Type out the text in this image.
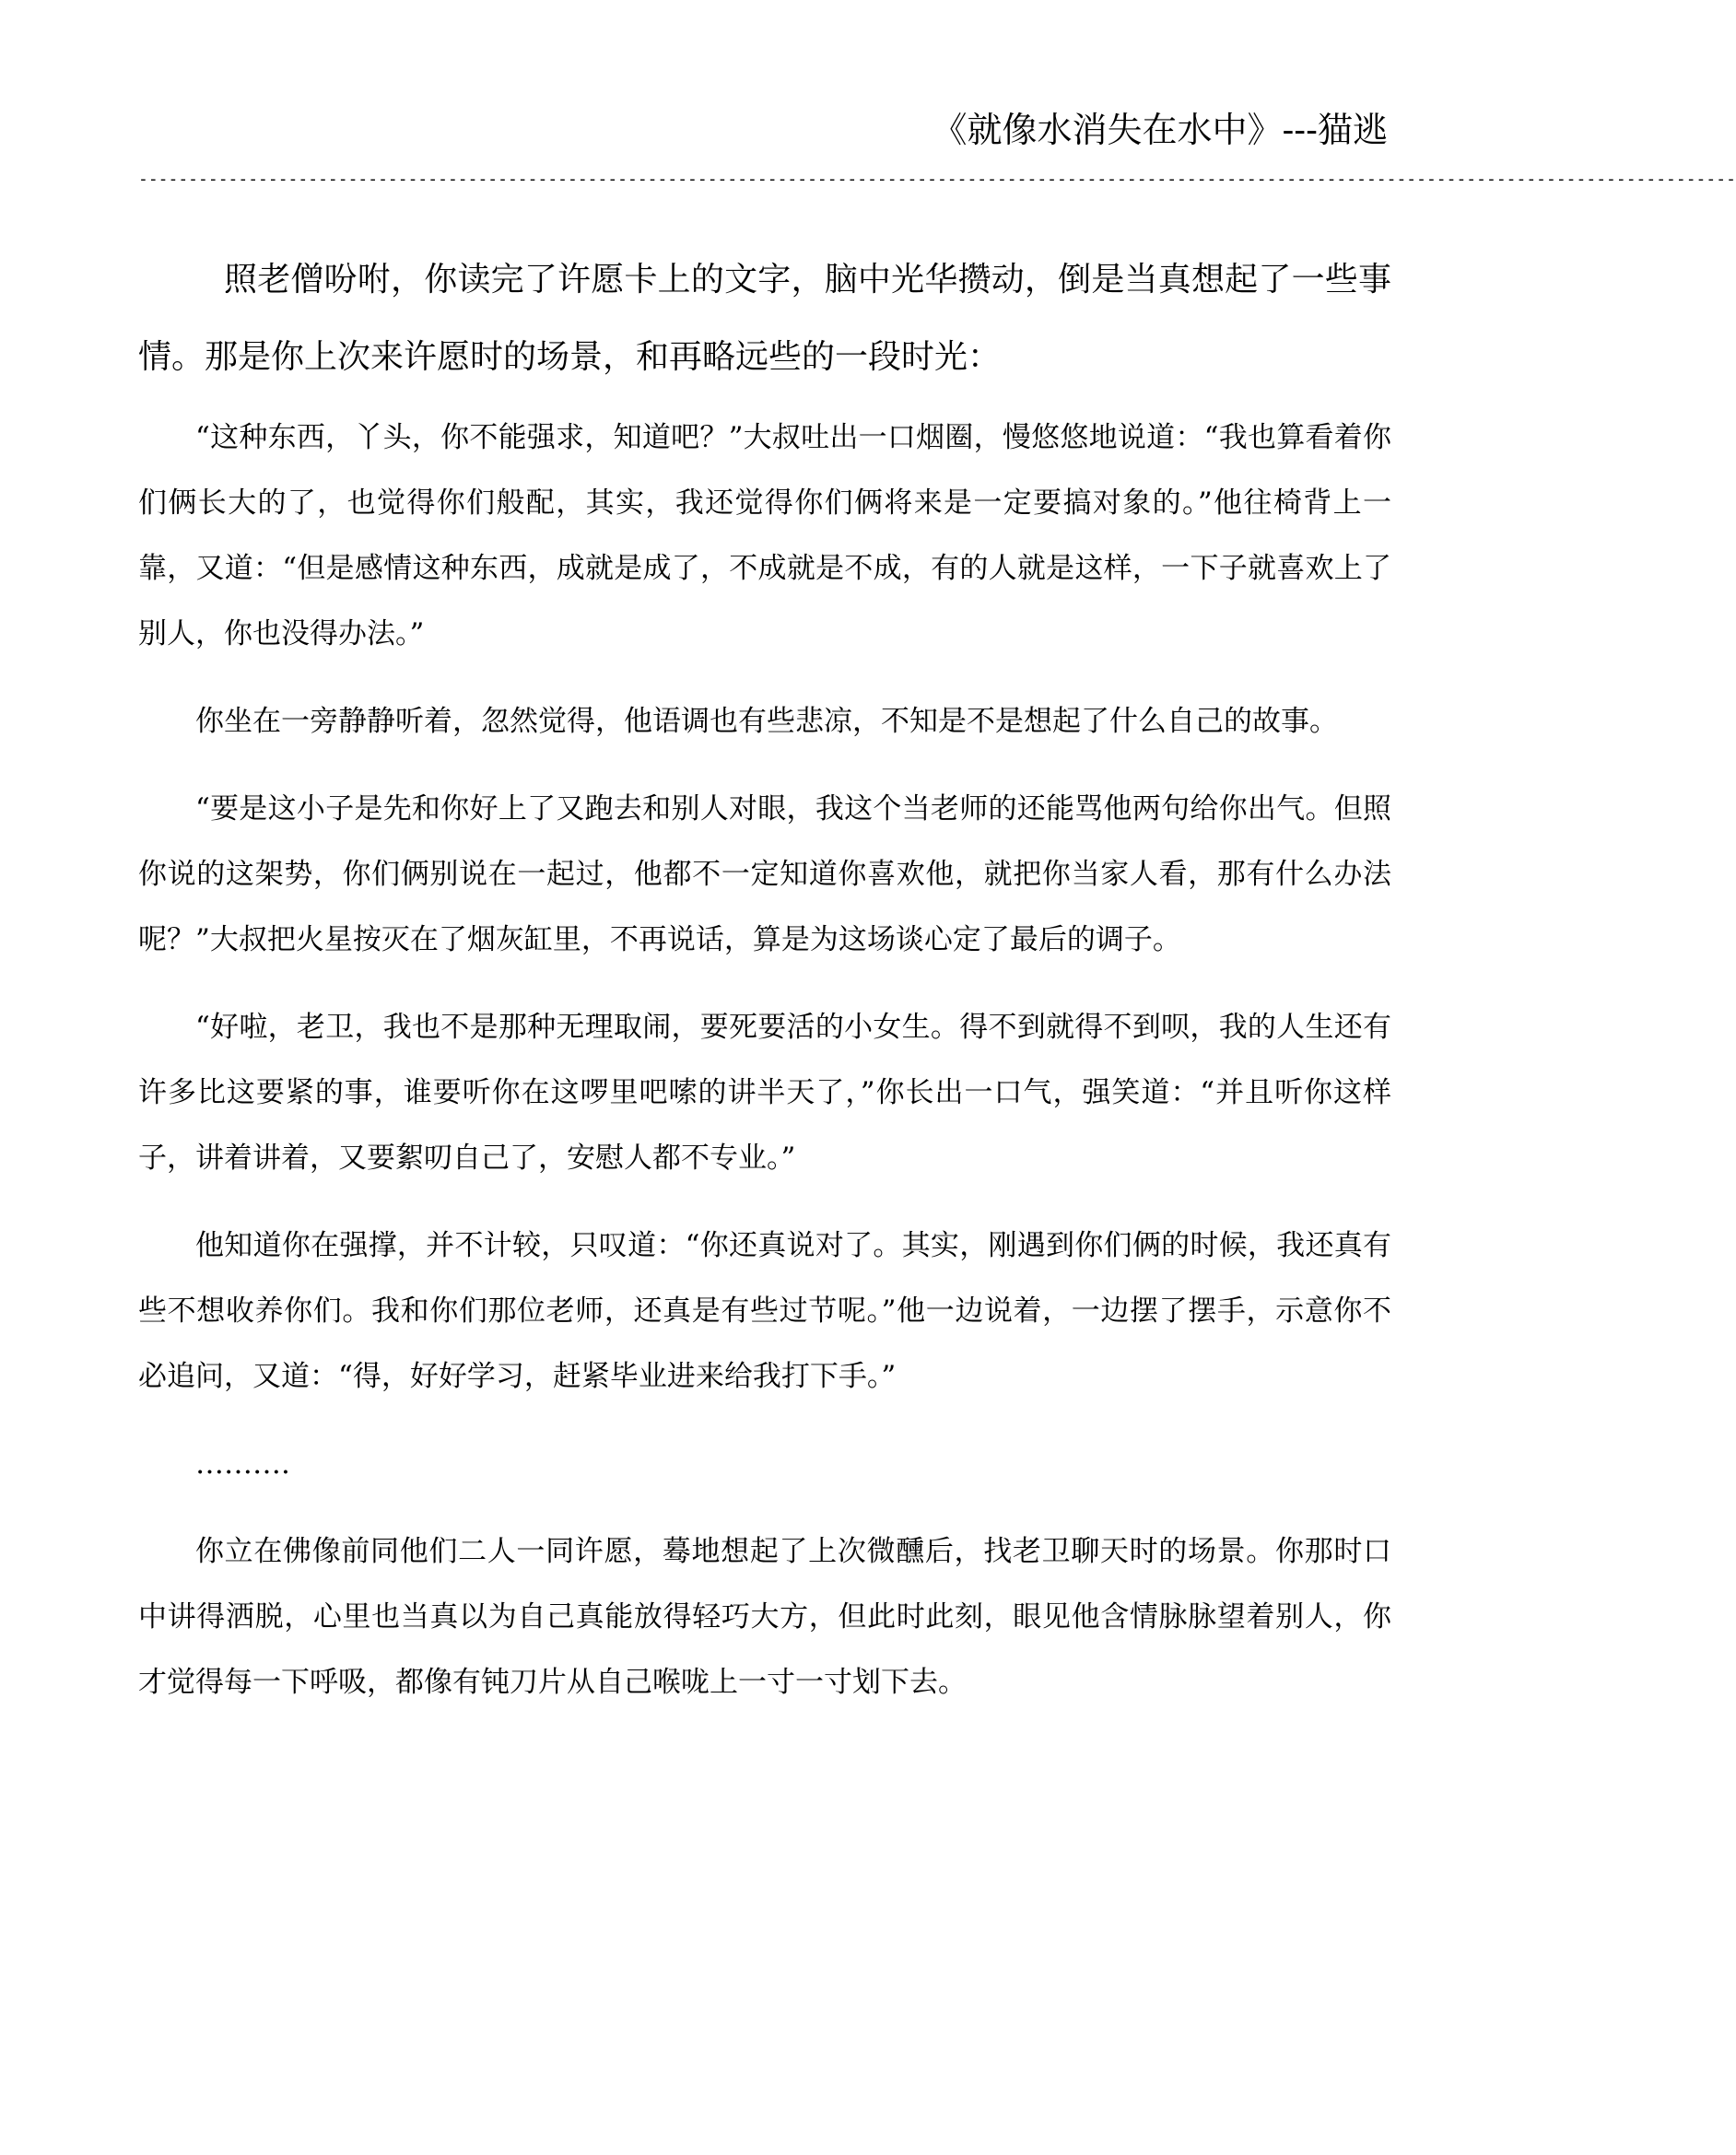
《就像水消失在水中》---猫逃
----------------------------------------------------------------------------------------------------------------------------------------------------------------

照老僧吩咐，你读完了许愿卡上的文字，脑中光华攒动，倒是当真想起了一些事情。那是你上次来许愿时的场景，和再略远些的一段时光：

“这种东西，丫头，你不能强求，知道吧？”大叔吐出一口烟圈，慢悠悠地说道：“我也算看着你们俩长大的了，也觉得你们般配，其实，我还觉得你们俩将来是一定要搞对象的。”他往椅背上一靠，又道：“但是感情这种东西，成就是成了，不成就是不成，有的人就是这样，一下子就喜欢上了别人，你也没得办法。”

你坐在一旁静静听着，忽然觉得，他语调也有些悲凉，不知是不是想起了什么自己的故事。

“要是这小子是先和你好上了又跑去和别人对眼，我这个当老师的还能骂他两句给你出气。但照你说的这架势，你们俩别说在一起过，他都不一定知道你喜欢他，就把你当家人看，那有什么办法呢？”大叔把火星按灭在了烟灰缸里，不再说话，算是为这场谈心定了最后的调子。

“好啦，老卫，我也不是那种无理取闹，要死要活的小女生。得不到就得不到呗，我的人生还有许多比这要紧的事，谁要听你在这啰里吧嗦的讲半天了，”你长出一口气，强笑道：“并且听你这样子，讲着讲着，又要絮叨自己了，安慰人都不专业。”

他知道你在强撑，并不计较，只叹道：“你还真说对了。其实，刚遇到你们俩的时候，我还真有些不想收养你们。我和你们那位老师，还真是有些过节呢。”他一边说着，一边摆了摆手，示意你不必追问，又道：“得，好好学习，赶紧毕业进来给我打下手。”

……….

你立在佛像前同他们二人一同许愿，蓦地想起了上次微醺后，找老卫聊天时的场景。你那时口中讲得洒脱，心里也当真以为自己真能放得轻巧大方，但此时此刻，眼见他含情脉脉望着别人，你才觉得每一下呼吸，都像有钝刀片从自己喉咙上一寸一寸划下去。
